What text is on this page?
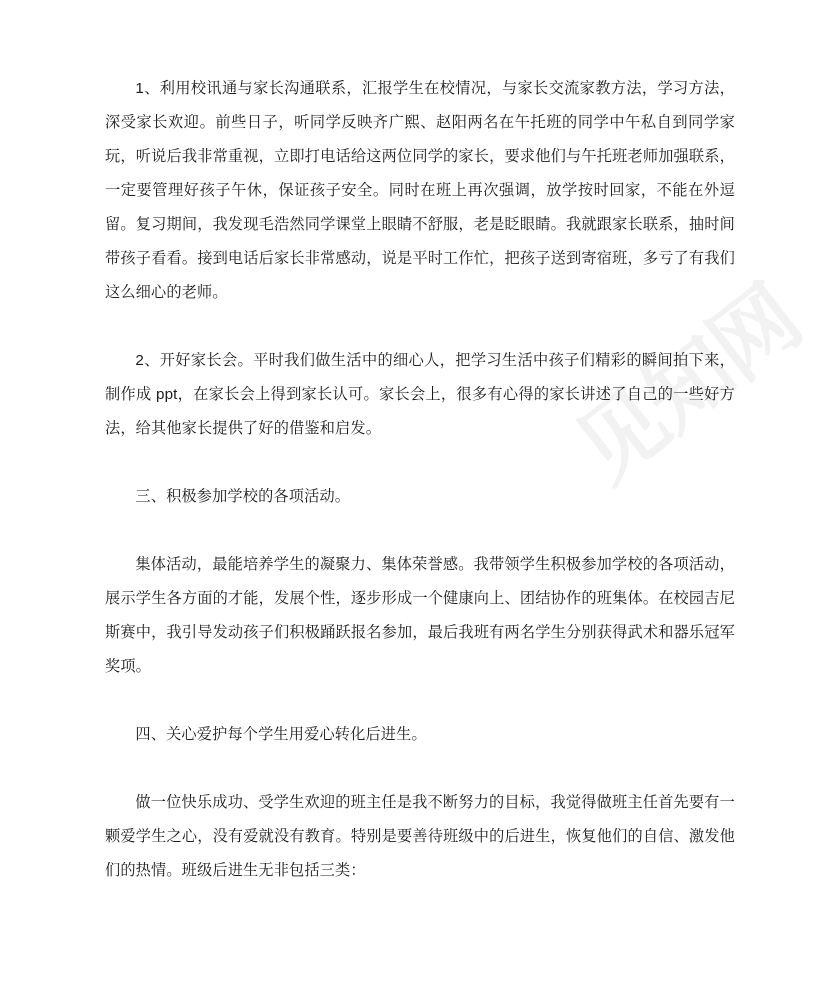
见知网

1、利用校讯通与家长沟通联系，汇报学生在校情况，与家长交流家教方法，学习方法，深受家长欢迎。前些日子，听同学反映齐广熙、赵阳两名在午托班的同学中午私自到同学家玩，听说后我非常重视，立即打电话给这两位同学的家长，要求他们与午托班老师加强联系，一定要管理好孩子午休，保证孩子安全。同时在班上再次强调，放学按时回家，不能在外逗留。复习期间，我发现毛浩然同学课堂上眼睛不舒服，老是眨眼睛。我就跟家长联系，抽时间带孩子看看。接到电话后家长非常感动，说是平时工作忙，把孩子送到寄宿班，多亏了有我们这么细心的老师。

2、开好家长会。平时我们做生活中的细心人，把学习生活中孩子们精彩的瞬间拍下来，制作成 ppt，在家长会上得到家长认可。家长会上，很多有心得的家长讲述了自己的一些好方法，给其他家长提供了好的借鉴和启发。

三、积极参加学校的各项活动。

集体活动，最能培养学生的凝聚力、集体荣誉感。我带领学生积极参加学校的各项活动，展示学生各方面的才能，发展个性，逐步形成一个健康向上、团结协作的班集体。在校园吉尼斯赛中，我引导发动孩子们积极踊跃报名参加，最后我班有两名学生分别获得武术和器乐冠军奖项。

四、关心爱护每个学生用爱心转化后进生。

做一位快乐成功、受学生欢迎的班主任是我不断努力的目标，我觉得做班主任首先要有一颗爱学生之心，没有爱就没有教育。特别是要善待班级中的后进生，恢复他们的自信、激发他们的热情。班级后进生无非包括三类：
